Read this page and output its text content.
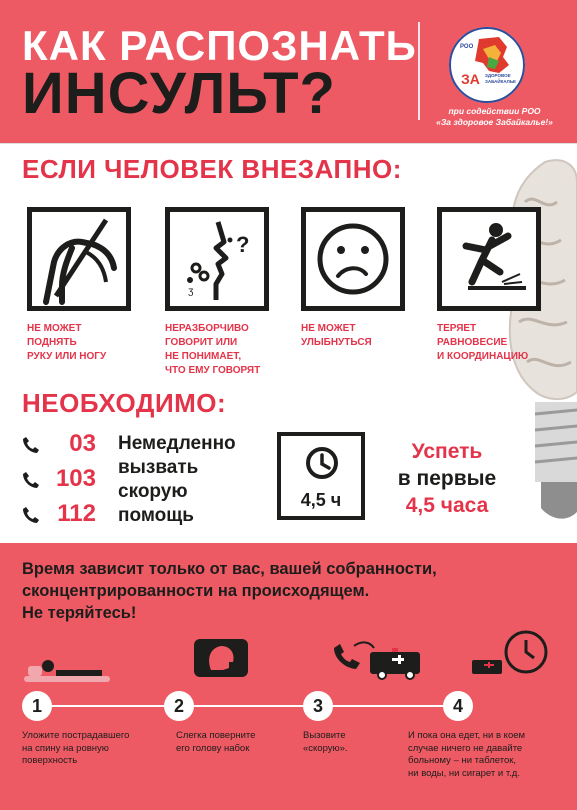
КАК РАСПОЗНАТЬ
ИНСУЛЬТ?
РОО
ЗА ЗДОРОВОЕ
ЗАБАЙКАЛЬЕ
при содействии РОО
«За здоровое Забайкалье!»
ЕСЛИ ЧЕЛОВЕК ВНЕЗАПНО:
ʒ
?
НЕ МОЖЕТ
ПОДНЯТЬ
РУКУ ИЛИ НОГУ
НЕРАЗБОРЧИВО
ГОВОРИТ ИЛИ
НЕ ПОНИМАЕТ,
ЧТО ЕМУ ГОВОРЯТ
НЕ МОЖЕТ
УЛЫБНУТЬСЯ
ТЕРЯЕТ
РАВНОВЕСИЕ
И КООРДИНАЦИЮ
НЕОБХОДИМО:
03
103
112
Немедленно
вызвать
скорую
помощь
4,5 ч
Успеть
в первые
4,5 часа
Время зависит только от вас, вашей собранности,
сконцентрированности на происходящем.
Не теряйтесь!
1	2	3	4
Уложите пострадавшего
на спину на ровную
поверхность
Слегка поверните
его голову набок
Вызовите
«скорую».
И пока она едет, ни в коем
случае ничего не давайте
больному – ни таблеток,
ни воды, ни сигарет и т.д.
